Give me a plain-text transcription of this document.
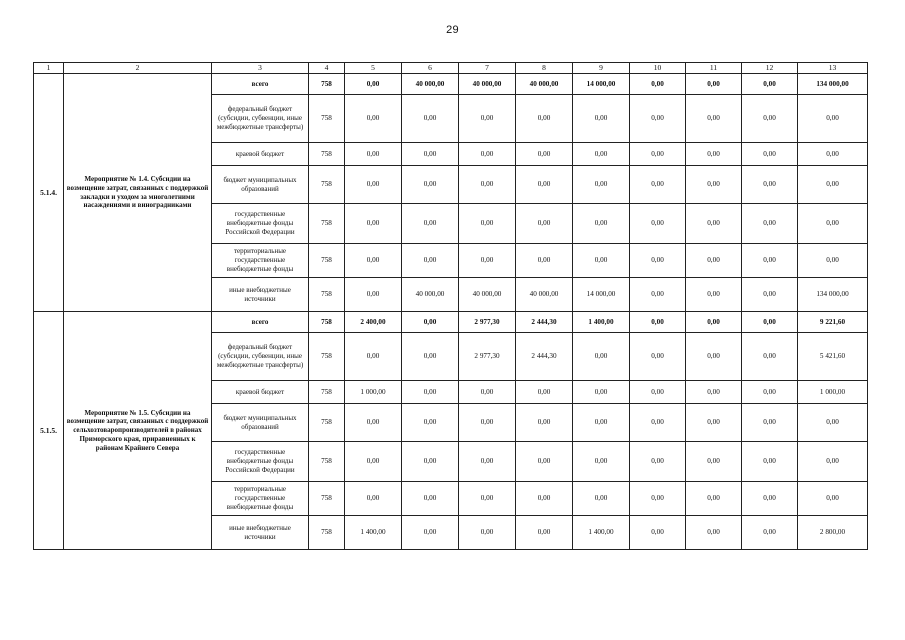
29
1	2	3	4	5	6	7	8	9	10	11	12	13
5.1.4.	Мероприятие № 1.4. Субсидии на возмещение затрат, связанных с поддержкой закладки и уходом за многолетними насаждениями и виноградниками	всего	758	0,00	40 000,00	40 000,00	40 000,00	14 000,00	0,00	0,00	0,00	134 000,00
		федеральный бюджет (субсидии, субвенции, иные межбюджетные трансферты)	758	0,00	0,00	0,00	0,00	0,00	0,00	0,00	0,00	0,00
		краевой бюджет	758	0,00	0,00	0,00	0,00	0,00	0,00	0,00	0,00	0,00
		бюджет муниципальных образований	758	0,00	0,00	0,00	0,00	0,00	0,00	0,00	0,00	0,00
		государственные внебюджетные фонды Российской Федерации	758	0,00	0,00	0,00	0,00	0,00	0,00	0,00	0,00	0,00
		территориальные государственные внебюджетные фонды	758	0,00	0,00	0,00	0,00	0,00	0,00	0,00	0,00	0,00
		иные внебюджетные источники	758	0,00	40 000,00	40 000,00	40 000,00	14 000,00	0,00	0,00	0,00	134 000,00
5.1.5.	Мероприятие № 1.5. Субсидии на возмещение затрат, связанных с поддержкой сельхозтоваропроизводителей в районах Приморского края, приравненных к районам Крайнего Севера	всего	758	2 400,00	0,00	2 977,30	2 444,30	1 400,00	0,00	0,00	0,00	9 221,60
		федеральный бюджет (субсидии, субвенции, иные межбюджетные трансферты)	758	0,00	0,00	2 977,30	2 444,30	0,00	0,00	0,00	0,00	5 421,60
		краевой бюджет	758	1 000,00	0,00	0,00	0,00	0,00	0,00	0,00	0,00	1 000,00
		бюджет муниципальных образований	758	0,00	0,00	0,00	0,00	0,00	0,00	0,00	0,00	0,00
		государственные внебюджетные фонды Российской Федерации	758	0,00	0,00	0,00	0,00	0,00	0,00	0,00	0,00	0,00
		территориальные государственные внебюджетные фонды	758	0,00	0,00	0,00	0,00	0,00	0,00	0,00	0,00	0,00
		иные внебюджетные источники	758	1 400,00	0,00	0,00	0,00	1 400,00	0,00	0,00	0,00	2 800,00
